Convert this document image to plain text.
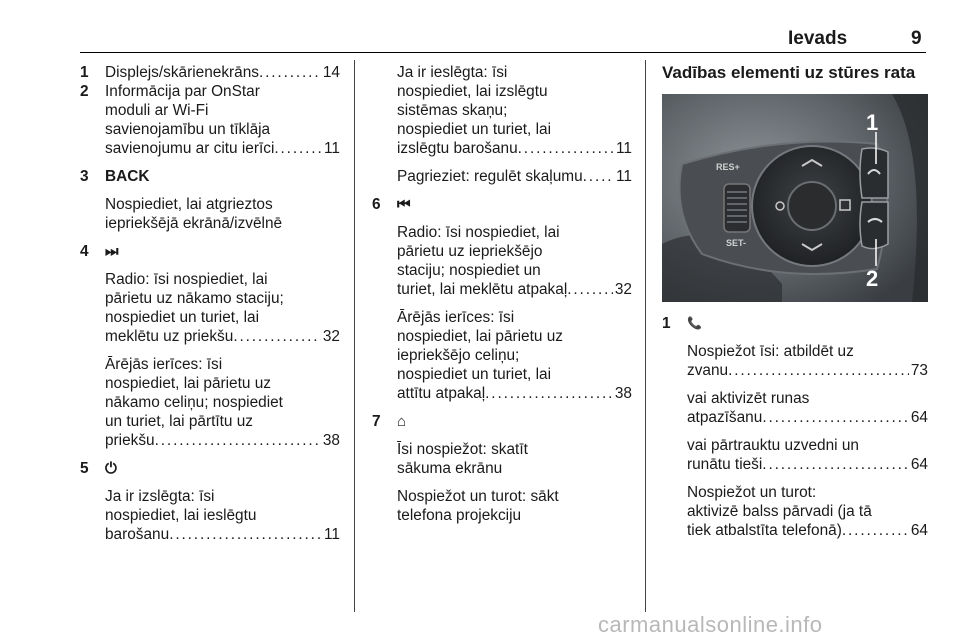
Ievads	9
1 Displejs/skārienekrāns . . .	14
2 Informācija par OnStar
moduli ar Wi-Fi
savienojamību un tīklāja
savienojumu ar citu ierīci . . .	11
3 BACK
Nospiediet, lai atgrieztos
iepriekšējā ekrānā/izvēlnē
4 ⏭
Radio: īsi nospiediet, lai
pārietu uz nākamo staciju;
nospiediet un turiet, lai
meklētu uz priekšu . . .	32
Ārējās ierīces: īsi
nospiediet, lai pārietu uz
nākamo celiņu; nospiediet
un turiet, lai pārtītu uz
priekšu . . .	38
5 ⏻
Ja ir izslēgta: īsi
nospiediet, lai ieslēgtu
barošanu . . .	11
Ja ir ieslēgta: īsi
nospiediet, lai izslēgtu
sistēmas skaņu;
nospiediet un turiet, lai
izslēgtu barošanu . . .	11
Pagrieziet: regulēt skaļumu . . . 11
6 ⏮
Radio: īsi nospiediet, lai
pārietu uz iepriekšējo
staciju; nospiediet un
turiet, lai meklētu atpakaļ . . .	32
Ārējās ierīces: īsi
nospiediet, lai pārietu uz
iepriekšējo celiņu;
nospiediet un turiet, lai
attītu atpakaļ . . .	38
7 ⌂
Īsi nospiežot: skatīt
sākuma ekrānu
Nospiežot un turot: sākt
telefona projekciju
Vadības elementi uz stūres rata
RES+
SET-
1
2
1 📞
Nospiežot īsi: atbildēt uz
zvanu . . .	73
vai aktivizēt runas
atpazīšanu . . .	64
vai pārtrauktu uzvedni un
runātu tieši . . .	64
Nospiežot un turot:
aktivizē balss pārvadi (ja tā
tiek atbalstīta telefonā) . . .	64
carmanualsonline.info
